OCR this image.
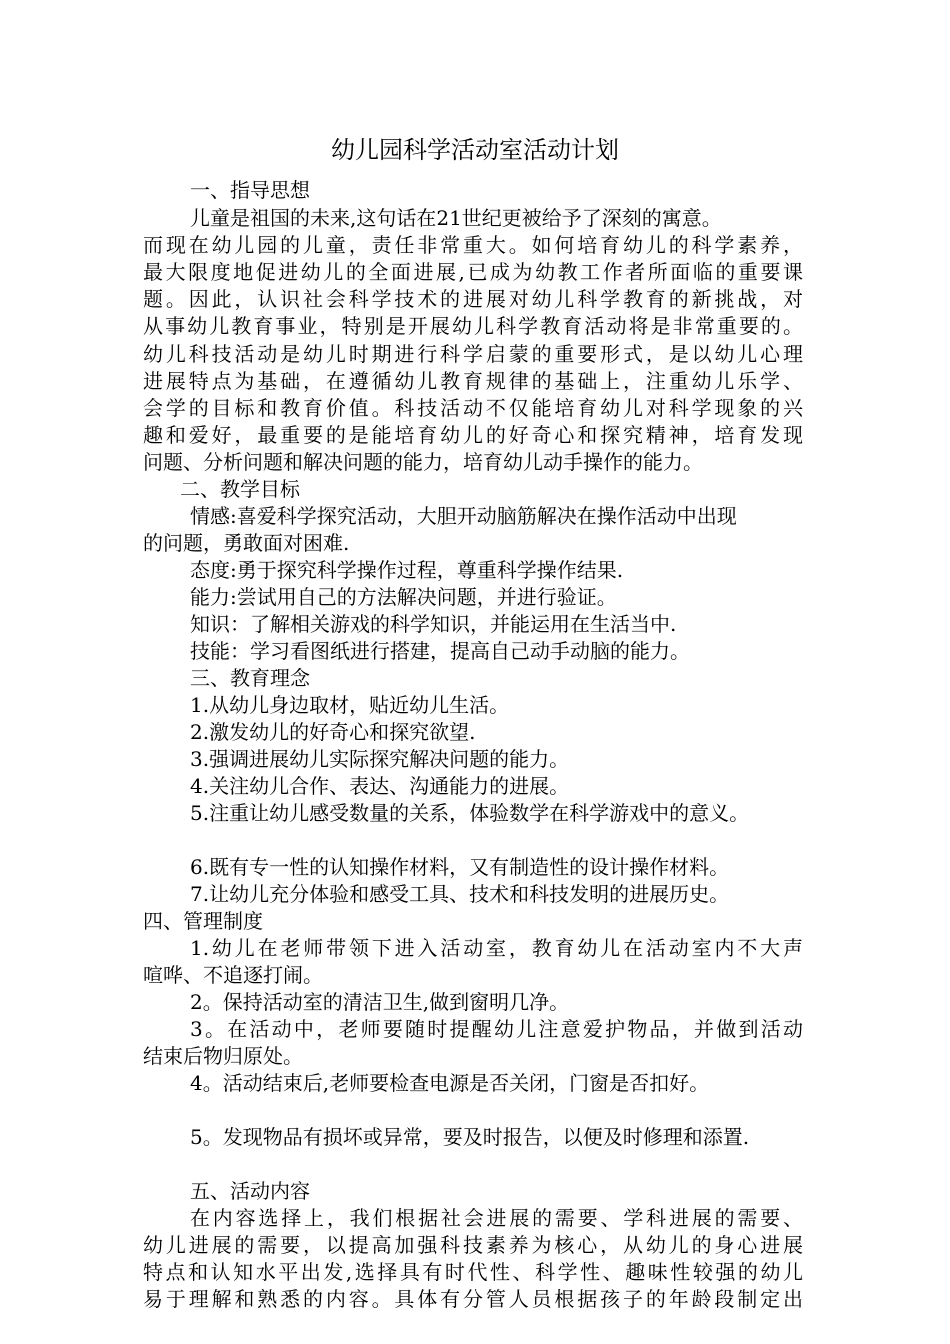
幼儿园科学活动室活动计划
一、指导思想
儿童是祖国的未来,这句话在21世纪更被给予了深刻的寓意。
而现在幼儿园的儿童，责任非常重大。如何培育幼儿的科学素养，
最大限度地促进幼儿的全面进展,已成为幼教工作者所面临的重要课
题。因此，认识社会科学技术的进展对幼儿科学教育的新挑战，对
从事幼儿教育事业，特别是开展幼儿科学教育活动将是非常重要的。
幼儿科技活动是幼儿时期进行科学启蒙的重要形式，是以幼儿心理
进展特点为基础，在遵循幼儿教育规律的基础上，注重幼儿乐学、
会学的目标和教育价值。科技活动不仅能培育幼儿对科学现象的兴
趣和爱好，最重要的是能培育幼儿的好奇心和探究精神，培育发现
问题、分析问题和解决问题的能力，培育幼儿动手操作的能力。
二、教学目标
情感:喜爱科学探究活动，大胆开动脑筋解决在操作活动中出现
的问题，勇敢面对困难.
态度:勇于探究科学操作过程，尊重科学操作结果.
能力:尝试用自己的方法解决问题，并进行验证。
知识：了解相关游戏的科学知识，并能运用在生活当中.
技能：学习看图纸进行搭建，提高自己动手动脑的能力。
三、教育理念
1.从幼儿身边取材，贴近幼儿生活。
2.激发幼儿的好奇心和探究欲望.
3.强调进展幼儿实际探究解决问题的能力。
4.关注幼儿合作、表达、沟通能力的进展。
5.注重让幼儿感受数量的关系，体验数学在科学游戏中的意义。
6.既有专一性的认知操作材料，又有制造性的设计操作材料。
7.让幼儿充分体验和感受工具、技术和科技发明的进展历史。
四、管理制度
1.幼儿在老师带领下进入活动室，教育幼儿在活动室内不大声
喧哗、不追逐打闹。
2。保持活动室的清洁卫生,做到窗明几净。
3。在活动中，老师要随时提醒幼儿注意爱护物品，并做到活动
结束后物归原处。
4。活动结束后,老师要检查电源是否关闭，门窗是否扣好。
5。发现物品有损坏或异常，要及时报告，以便及时修理和添置.
五、活动内容
在内容选择上，我们根据社会进展的需要、学科进展的需要、
幼儿进展的需要，以提高加强科技素养为核心，从幼儿的身心进展
特点和认知水平出发,选择具有时代性、科学性、趣味性较强的幼儿
易于理解和熟悉的内容。具体有分管人员根据孩子的年龄段制定出
